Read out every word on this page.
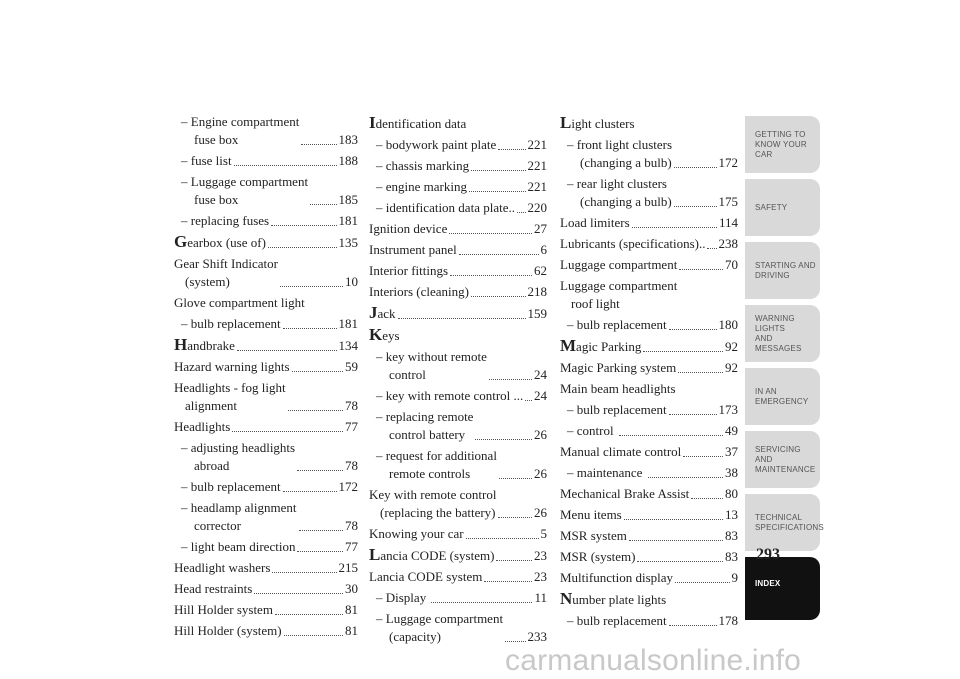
– Engine compartment
fuse box	183
– fuse list	188
– Luggage compartment
fuse box	185
– replacing fuses	181
Gearbox (use of)	135
Gear Shift Indicator
(system)	10
Glove compartment light
– bulb replacement	181
Handbrake	134
Hazard warning lights	59
Headlights - fog light
alignment	78
Headlights	77
– adjusting headlights
abroad	78
– bulb replacement	172
– headlamp alignment
corrector	78
– light beam direction	77
Headlight washers	215
Head restraints	30
Hill Holder system	81
Hill Holder (system)	81
Identification data
– bodywork paint plate 221
– chassis marking	221
– engine marking	221
– identification data plate.. 220
Ignition device	27
Instrument panel	6
Interior fittings	62
Interiors (cleaning)	218
Jack	159
Keys
– key without remote
control	24
– key with remote control ... 24
– replacing remote
control battery	26
– request for additional
remote controls	26
Key with remote control
(replacing the battery)	26
Knowing your car	5
Lancia CODE (system)	23
Lancia CODE system	23
– Display	11
– Luggage compartment
(capacity)	233
Light clusters
– front light clusters
(changing a bulb)	172
– rear light clusters
(changing a bulb)	175
Load limiters	114
Lubricants (specifications).. 238
Luggage compartment	70
Luggage compartment
roof light
– bulb replacement	180
Magic Parking	92
Magic Parking system	92
Main beam headlights
– bulb replacement	173
– control	49
Manual climate control	37
– maintenance	38
Mechanical Brake Assist	80
Menu items	13
MSR system	83
MSR (system)	83
Multifunction display	9
Number plate lights
– bulb replacement	178
GETTING TO
KNOW YOUR CAR
SAFETY
STARTING AND
DRIVING
WARNING LIGHTS
AND MESSAGES
IN AN EMERGENCY
SERVICING AND
MAINTENANCE
TECHNICAL
SPECIFICATIONS
INDEX
293
carmanualsonline.info
